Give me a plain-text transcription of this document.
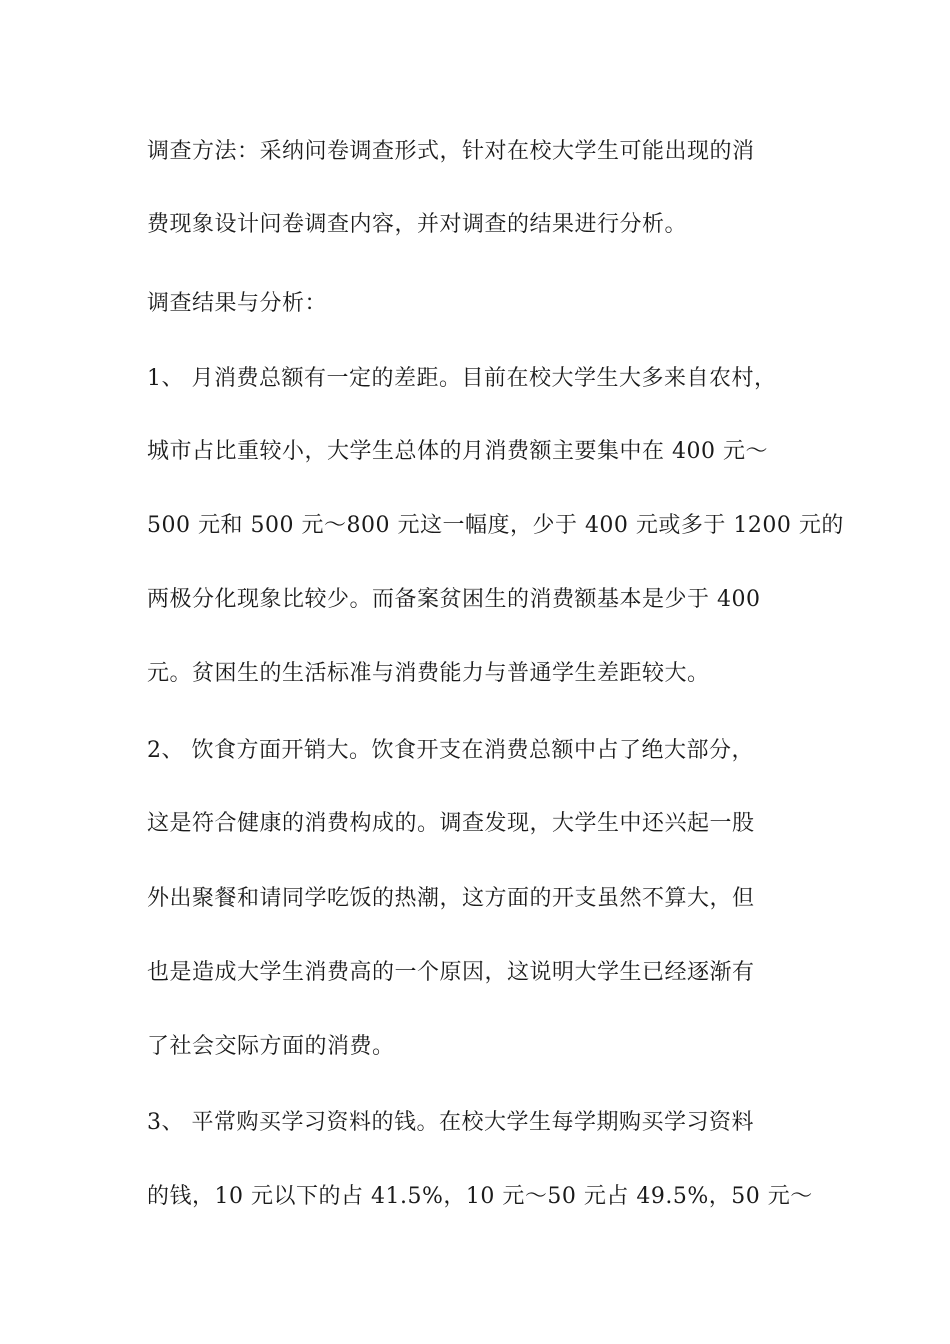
调查方法：采纳问卷调查形式，针对在校大学生可能出现的消
费现象设计问卷调查内容，并对调查的结果进行分析。
调查结果与分析：
1、 月消费总额有一定的差距。目前在校大学生大多来自农村，
城市占比重较小，大学生总体的月消费额主要集中在 400 元～
500 元和 500 元～800 元这一幅度，少于 400 元或多于 1200 元的
两极分化现象比较少。而备案贫困生的消费额基本是少于 400
元。贫困生的生活标准与消费能力与普通学生差距较大。
2、 饮食方面开销大。饮食开支在消费总额中占了绝大部分，
这是符合健康的消费构成的。调查发现，大学生中还兴起一股
外出聚餐和请同学吃饭的热潮，这方面的开支虽然不算大，但
也是造成大学生消费高的一个原因，这说明大学生已经逐渐有
了社会交际方面的消费。
3、 平常购买学习资料的钱。在校大学生每学期购买学习资料
的钱，10 元以下的占 41.5%，10 元～50 元占 49.5%，50 元～
